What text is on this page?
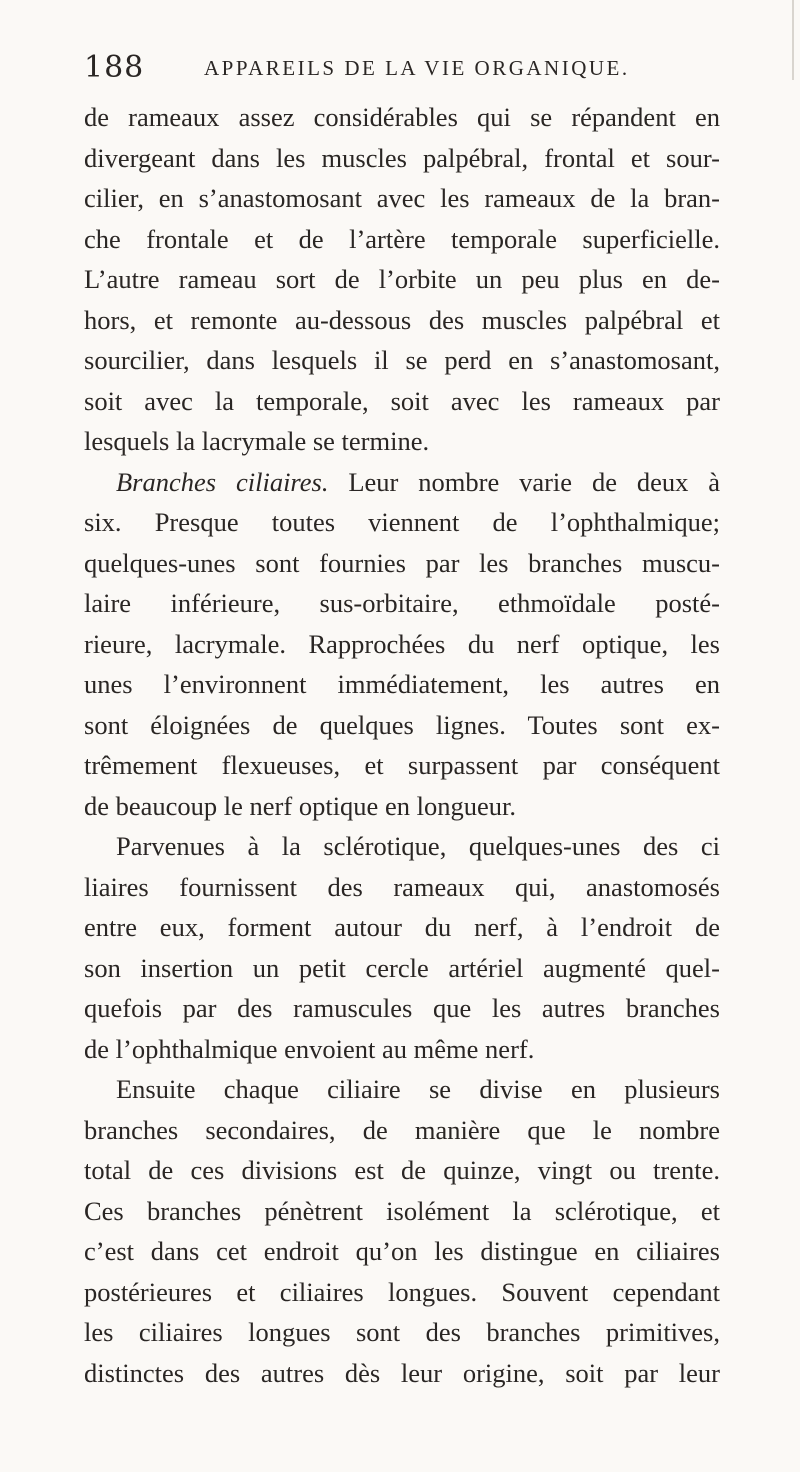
188	APPAREILS DE LA VIE ORGANIQUE.
de rameaux assez considérables qui se répandent en
divergeant dans les muscles palpébral, frontal et sour-
cilier, en s’anastomosant avec les rameaux de la bran-
che frontale et de l’artère temporale superficielle.
L’autre rameau sort de l’orbite un peu plus en de-
hors, et remonte au-dessous des muscles palpébral et
sourcilier, dans lesquels il se perd en s’anastomosant,
soit avec la temporale, soit avec les rameaux par
lesquels la lacrymale se termine.
Branches ciliaires. Leur nombre varie de deux à
six. Presque toutes viennent de l’ophthalmique;
quelques-unes sont fournies par les branches muscu-
laire inférieure, sus-orbitaire, ethmoïdale posté-
rieure, lacrymale. Rapprochées du nerf optique, les
unes l’environnent immédiatement, les autres en
sont éloignées de quelques lignes. Toutes sont ex-
trêmement flexueuses, et surpassent par conséquent
de beaucoup le nerf optique en longueur.
Parvenues à la sclérotique, quelques-unes des ci
liaires fournissent des rameaux qui, anastomosés
entre eux, forment autour du nerf, à l’endroit de
son insertion un petit cercle artériel augmenté quel-
quefois par des ramuscules que les autres branches
de l’ophthalmique envoient au même nerf.
Ensuite chaque ciliaire se divise en plusieurs
branches secondaires, de manière que le nombre
total de ces divisions est de quinze, vingt ou trente.
Ces branches pénètrent isolément la sclérotique, et
c’est dans cet endroit qu’on les distingue en ciliaires
postérieures et ciliaires longues. Souvent cependant
les ciliaires longues sont des branches primitives,
distinctes des autres dès leur origine, soit par leur
